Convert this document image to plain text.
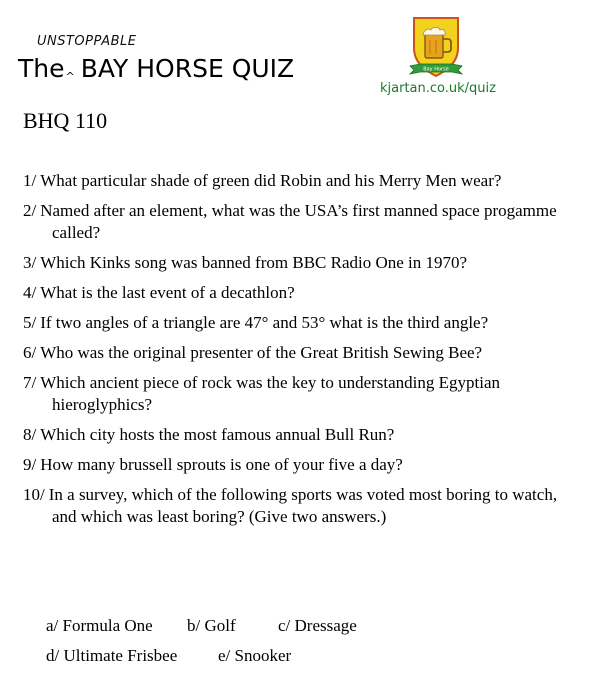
UNSTOPPABLE
The^ BAY HORSE QUIZ	Bay Horse
kjartan.co.uk/quiz
BHQ 110
1/ What particular shade of green did Robin and his Merry Men wear?
2/ Named after an element, what was the USA’s first manned space progamme called?
3/ Which Kinks song was banned from BBC Radio One in 1970?
4/ What is the last event of a decathlon?
5/ If two angles of a triangle are 47° and 53° what is the third angle?
6/ Who was the original presenter of the Great British Sewing Bee?
7/ Which ancient piece of rock was the key to understanding Egyptian hieroglyphics?
8/ Which city hosts the most famous annual Bull Run?
9/ How many brussell sprouts is one of your five a day?
10/ In a survey, which of the following sports was voted most boring to watch, and which was least boring? (Give two answers.)
a/ Formula One b/ Golf c/ Dressage
d/ Ultimate Frisbee e/ Snooker
